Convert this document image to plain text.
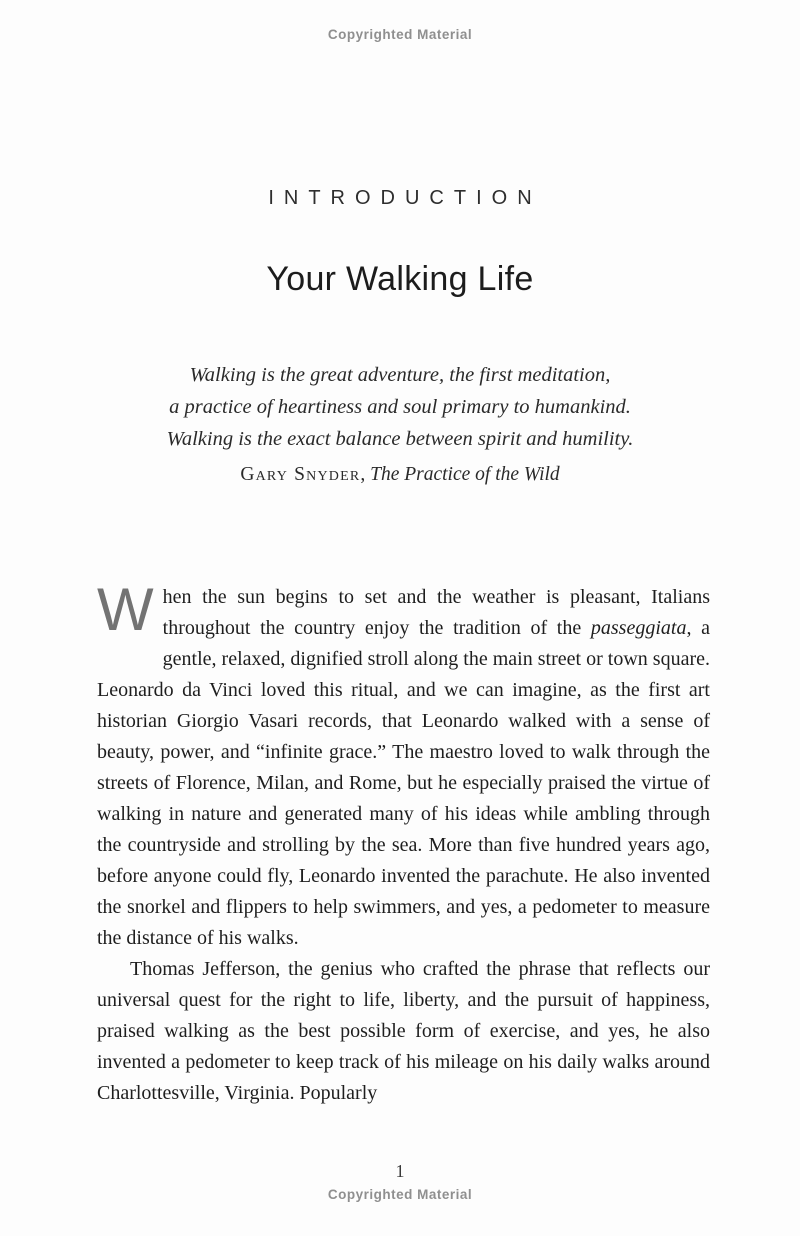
Copyrighted Material
INTRODUCTION
Your Walking Life
Walking is the great adventure, the first meditation,
a practice of heartiness and soul primary to humankind.
Walking is the exact balance between spirit and humility.
Gary Snyder, The Practice of the Wild

When the sun begins to set and the weather is pleasant, Italians throughout the country enjoy the tradition of the passeggiata, a gentle, relaxed, dignified stroll along the main street or town square. Leonardo da Vinci loved this ritual, and we can imagine, as the first art historian Giorgio Vasari records, that Leonardo walked with a sense of beauty, power, and “infinite grace.” The maestro loved to walk through the streets of Florence, Milan, and Rome, but he especially praised the virtue of walking in nature and generated many of his ideas while ambling through the countryside and strolling by the sea. More than five hundred years ago, before anyone could fly, Leonardo invented the parachute. He also invented the snorkel and flippers to help swimmers, and yes, a pedometer to measure the distance of his walks.

Thomas Jefferson, the genius who crafted the phrase that reflects our universal quest for the right to life, liberty, and the pursuit of happiness, praised walking as the best possible form of exercise, and yes, he also invented a pedometer to keep track of his mileage on his daily walks around Charlottesville, Virginia. Popularly

1
Copyrighted Material
